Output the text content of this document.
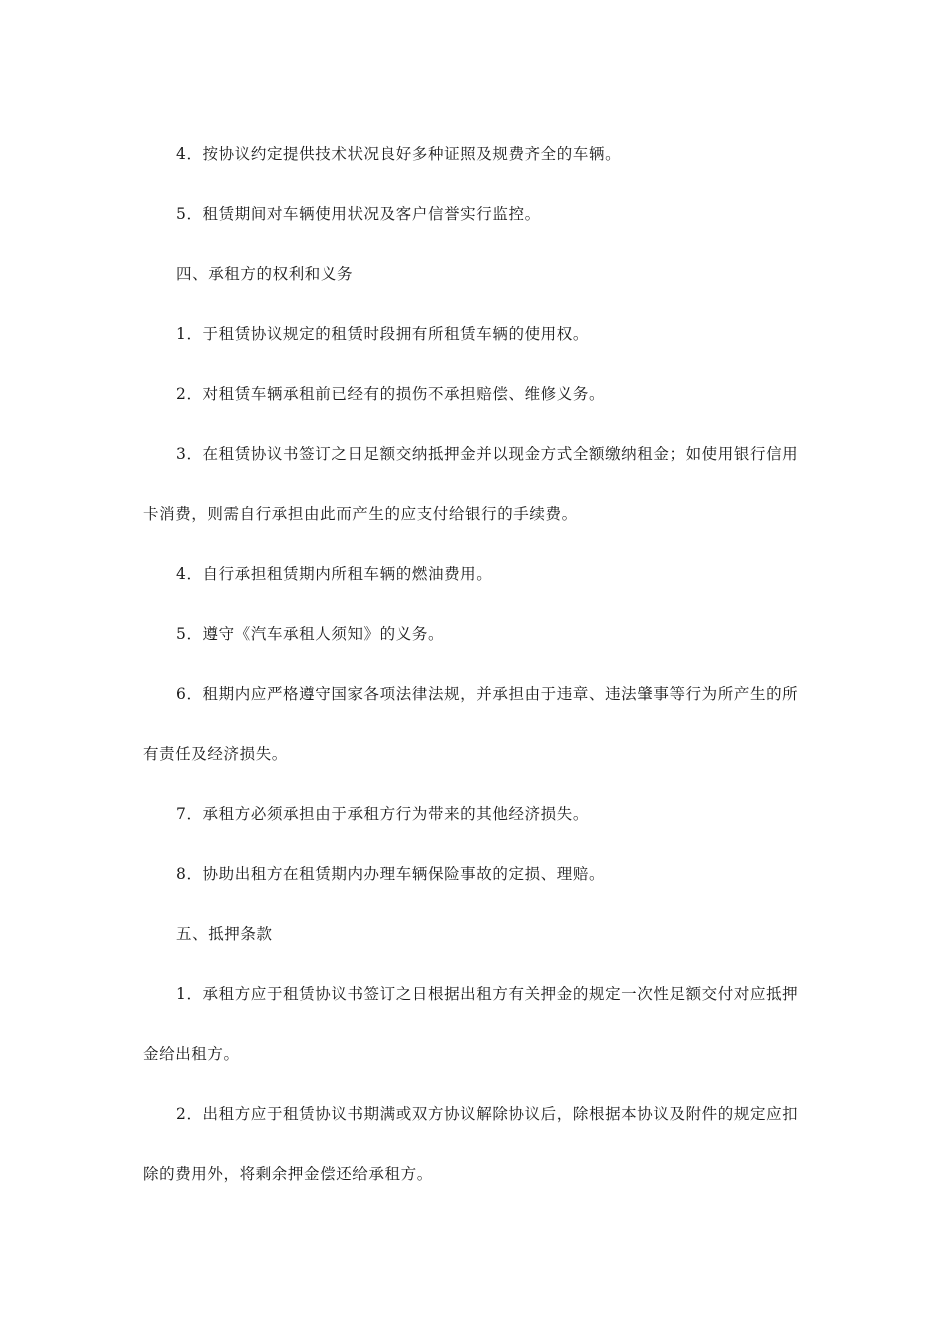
4．按协议约定提供技术状况良好多种证照及规费齐全的车辆。

5．租赁期间对车辆使用状况及客户信誉实行监控。

四、承租方的权利和义务

1．于租赁协议规定的租赁时段拥有所租赁车辆的使用权。

2．对租赁车辆承租前已经有的损伤不承担赔偿、维修义务。

3．在租赁协议书签订之日足额交纳抵押金并以现金方式全额缴纳租金；如使用银行信用卡消费，则需自行承担由此而产生的应支付给银行的手续费。

4．自行承担租赁期内所租车辆的燃油费用。

5．遵守《汽车承租人须知》的义务。

6．租期内应严格遵守国家各项法律法规，并承担由于违章、违法肇事等行为所产生的所有责任及经济损失。

7．承租方必须承担由于承租方行为带来的其他经济损失。

8．协助出租方在租赁期内办理车辆保险事故的定损、理赔。

五、抵押条款

1．承租方应于租赁协议书签订之日根据出租方有关押金的规定一次性足额交付对应抵押金给出租方。

2．出租方应于租赁协议书期满或双方协议解除协议后，除根据本协议及附件的规定应扣除的费用外，将剩余押金偿还给承租方。
